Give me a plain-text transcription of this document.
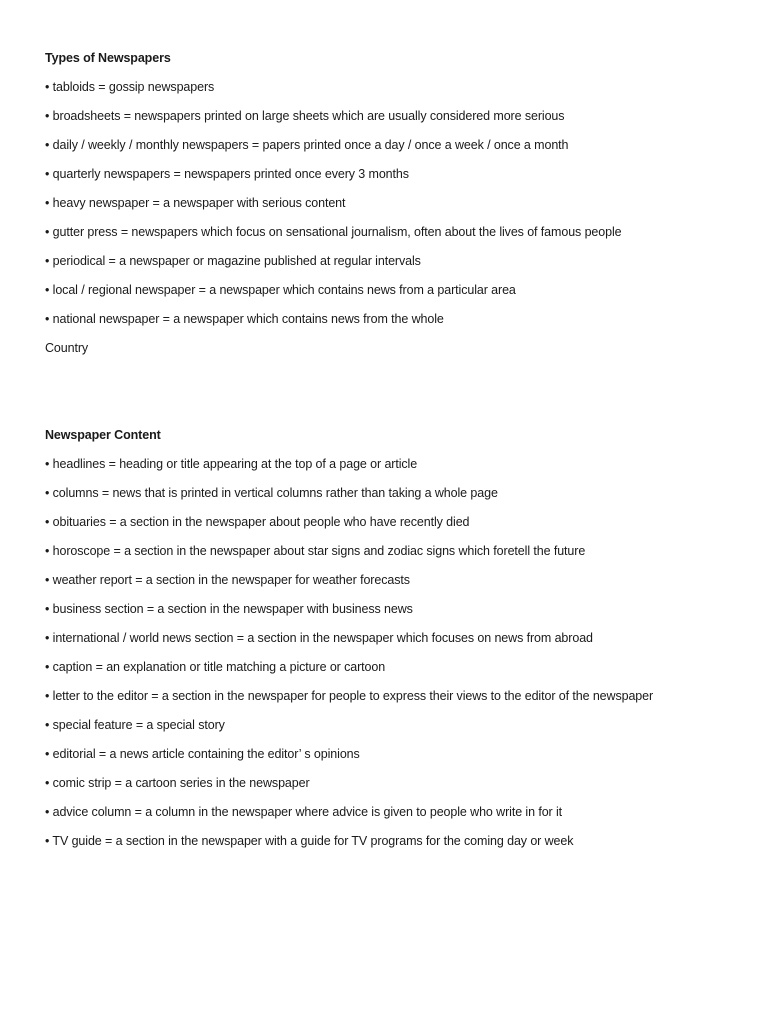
Types of Newspapers
• tabloids = gossip newspapers
• broadsheets = newspapers printed on large sheets which are usually considered more serious
• daily / weekly / monthly newspapers = papers printed once a day / once a week / once a month
• quarterly newspapers = newspapers printed once every 3 months
• heavy newspaper = a newspaper with serious content
• gutter press = newspapers which focus on sensational journalism, often about the lives of famous people
• periodical = a newspaper or magazine published at regular intervals
• local / regional newspaper = a newspaper which contains news from a particular area
• national newspaper = a newspaper which contains news from the whole
Country
Newspaper Content
• headlines = heading or title appearing at the top of a page or article
• columns = news that is printed in vertical columns rather than taking a whole page
• obituaries = a section in the newspaper about people who have recently died
• horoscope = a section in the newspaper about star signs and zodiac signs which foretell the future
• weather report = a section in the newspaper for weather forecasts
• business section = a section in the newspaper with business news
• international / world news section = a section in the newspaper which focuses on news from abroad
• caption = an explanation or title matching a picture or cartoon
• letter to the editor = a section in the newspaper for people to express their views to the editor of the newspaper
• special feature = a special story
• editorial = a news article containing the editor’ s opinions
• comic strip = a cartoon series in the newspaper
• advice column = a column in the newspaper where advice is given to people who write in for it
• TV guide = a section in the newspaper with a guide for TV programs for the coming day or week
